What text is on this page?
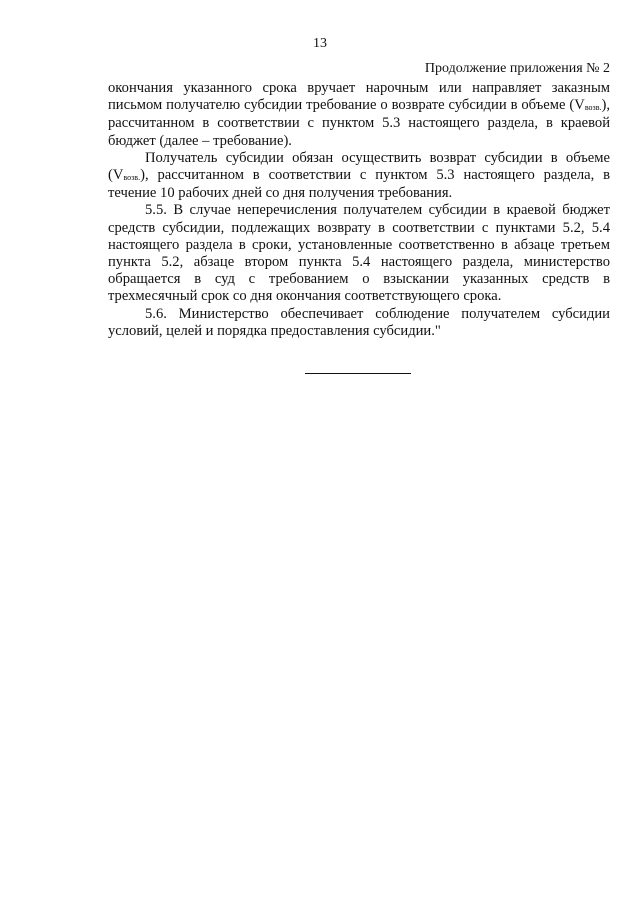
13
Продолжение приложения № 2

окончания указанного срока вручает нарочным или направляет заказным письмом получателю субсидии требование о возврате субсидии в объеме $(V_{возв.})$, рассчитанном в соответствии с пунктом 5.3 настоящего раздела, в краевой бюджет (далее – требование).

Получатель субсидии обязан осуществить возврат субсидии в объеме $(V_{возв.})$, рассчитанном в соответствии с пунктом 5.3 настоящего раздела, в течение 10 рабочих дней со дня получения требования.

5.5. В случае неперечисления получателем субсидии в краевой бюджет средств субсидии, подлежащих возврату в соответствии с пунктами 5.2, 5.4 настоящего раздела в сроки, установленные соответственно в абзаце третьем пункта 5.2, абзаце втором пункта 5.4 настоящего раздела, министерство обращается в суд с требованием о взыскании указанных средств в трехмесячный срок со дня окончания соответствующего срока.

5.6. Министерство обеспечивает соблюдение получателем субсидии условий, целей и порядка предоставления субсидии."
